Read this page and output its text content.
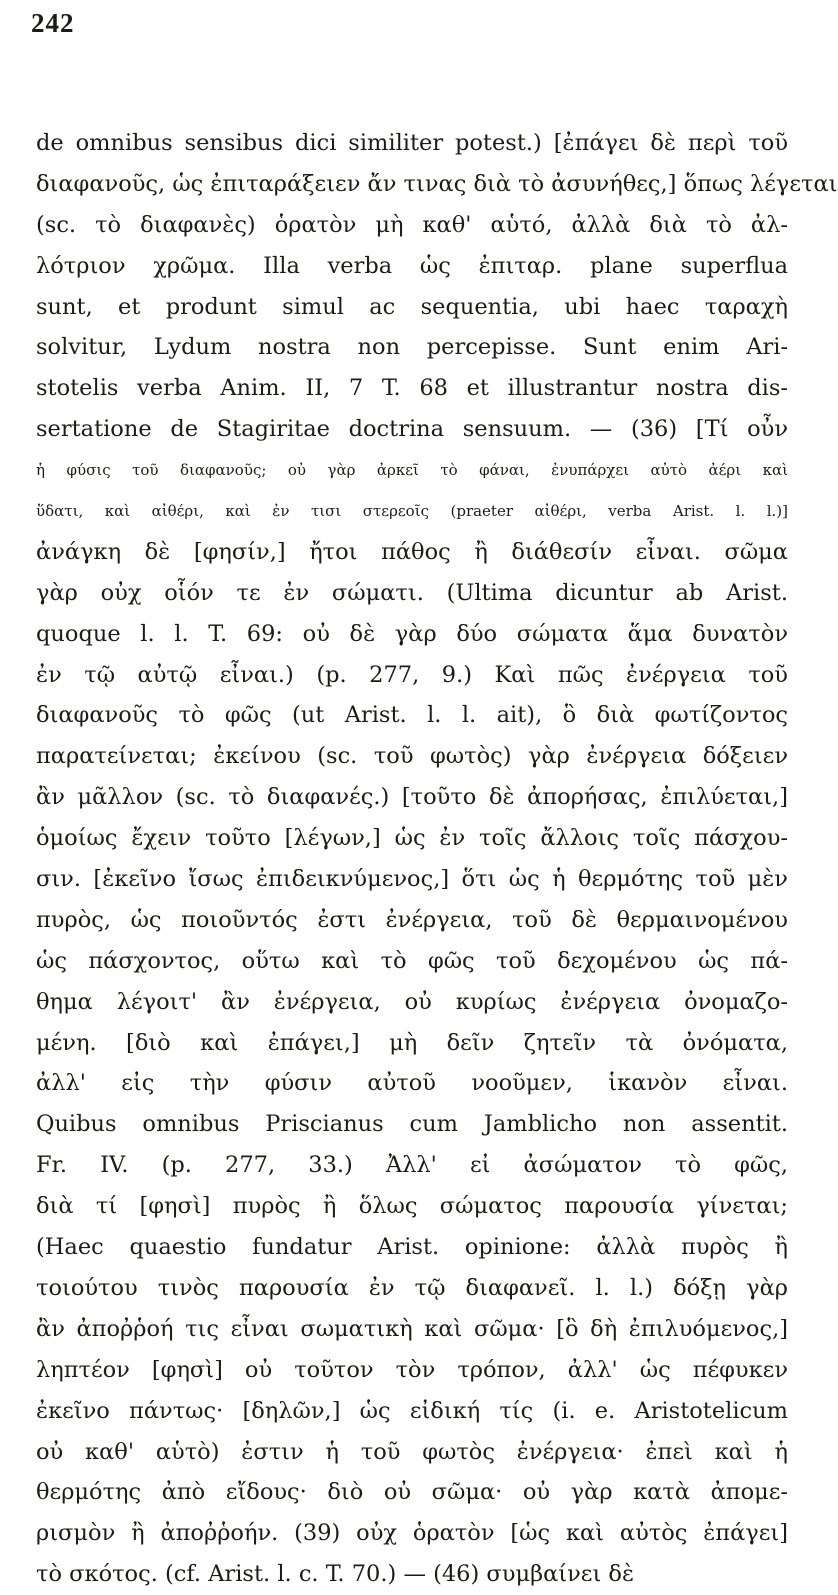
242
de omnibus sensibus dici similiter potest.) [ἐπάγει δὲ περὶ τοῦ
διαφανοῦς, ὡς ἐπιταράξειεν ἄν τινας διὰ τὸ ἀσυνήθες,] ὅπως λέγεται
(sc. τὸ διαφανὲς) ὁρατὸν μὴ καθ' αὑτό, ἀλλὰ διὰ τὸ ἀλ-
λότριον χρῶμα. Illa verba ὡς ἐπιταρ. plane superflua
sunt, et produnt simul ac sequentia, ubi haec ταραχὴ
solvitur, Lydum nostra non percepisse. Sunt enim Ari-
stotelis verba Anim. II, 7 T. 68 et illustrantur nostra dis-
sertatione de Stagiritae doctrina sensuum. — (36) [Τί οὖν
ἡ φύσις τοῦ διαφανοῦς; οὐ γὰρ ἀρκεῖ τὸ φάναι, ἐνυπάρχει αὐτὸ ἀέρι καὶ
ὕδατι, καὶ αἰθέρι, καὶ ἐν τισι στερεοῖς (praeter αἰθέρι, verba Arist. l. l.)]
ἀνάγκη δὲ [φησίν,] ἤτοι πάθος ἢ διάθεσίν εἶναι. σῶμα
γὰρ οὐχ οἷόν τε ἐν σώματι. (Ultima dicuntur ab Arist.
quoque l. l. T. 69: οὐ δὲ γὰρ δύο σώματα ἅμα δυνατὸν
ἐν τῷ αὐτῷ εἶναι.) (p. 277, 9.) Καὶ πῶς ἐνέργεια τοῦ
διαφανοῦς τὸ φῶς (ut Arist. l. l. ait), ὃ διὰ φωτίζοντος
παρατείνεται; ἐκείνου (sc. τοῦ φωτὸς) γὰρ ἐνέργεια δόξειεν
ἂν μᾶλλον (sc. τὸ διαφανές.) [τοῦτο δὲ ἀπορήσας, ἐπιλύεται,]
ὁμοίως ἔχειν τοῦτο [λέγων,] ὡς ἐν τοῖς ἄλλοις τοῖς πάσχου-
σιν. [ἐκεῖνο ἴσως ἐπιδεικνύμενος,] ὅτι ὡς ἡ θερμότης τοῦ μὲν
πυρὸς, ὡς ποιοῦντός ἐστι ἐνέργεια, τοῦ δὲ θερμαινομένου
ὡς πάσχοντος, οὕτω καὶ τὸ φῶς τοῦ δεχομένου ὡς πά-
θημα λέγοιτ' ἂν ἐνέργεια, οὐ κυρίως ἐνέργεια ὀνομαζο-
μένη. [διὸ καὶ ἐπάγει,] μὴ δεῖν ζητεῖν τὰ ὀνόματα,
ἀλλ' εἰς τὴν φύσιν αὐτοῦ νοοῦμεν, ἱκανὸν εἶναι.
Quibus omnibus Priscianus cum Jamblicho non assentit.
Fr. IV. (p. 277, 33.) Ἀλλ' εἰ ἀσώματον τὸ φῶς,
διὰ τί [φησὶ] πυρὸς ἢ ὅλως σώματος παρουσία γίνεται;
(Haec quaestio fundatur Arist. opinione: ἀλλὰ πυρὸς ἢ
τοιούτου τινὸς παρουσία ἐν τῷ διαφανεῖ. l. l.) δόξῃ γὰρ
ἂν ἀποῤῥοή τις εἶναι σωματικὴ καὶ σῶμα· [ὃ δὴ ἐπιλυόμενος,]
ληπτέον [φησὶ] οὐ τοῦτον τὸν τρόπον, ἀλλ' ὡς πέφυκεν
ἐκεῖνο πάντως· [δηλῶν,] ὡς εἰδική τίς (i. e. Aristotelicum
οὐ καθ' αὑτὸ) ἐστιν ἡ τοῦ φωτὸς ἐνέργεια· ἐπεὶ καὶ ἡ
θερμότης ἀπὸ εἴδους· διὸ οὐ σῶμα· οὐ γὰρ κατὰ ἀπομε-
ρισμὸν ἢ ἀποῤῥοήν. (39) οὐχ ὁρατὸν [ὡς καὶ αὐτὸς ἐπάγει]
τὸ σκότος. (cf. Arist. l. c. T. 70.) — (46) συμβαίνει δὲ
